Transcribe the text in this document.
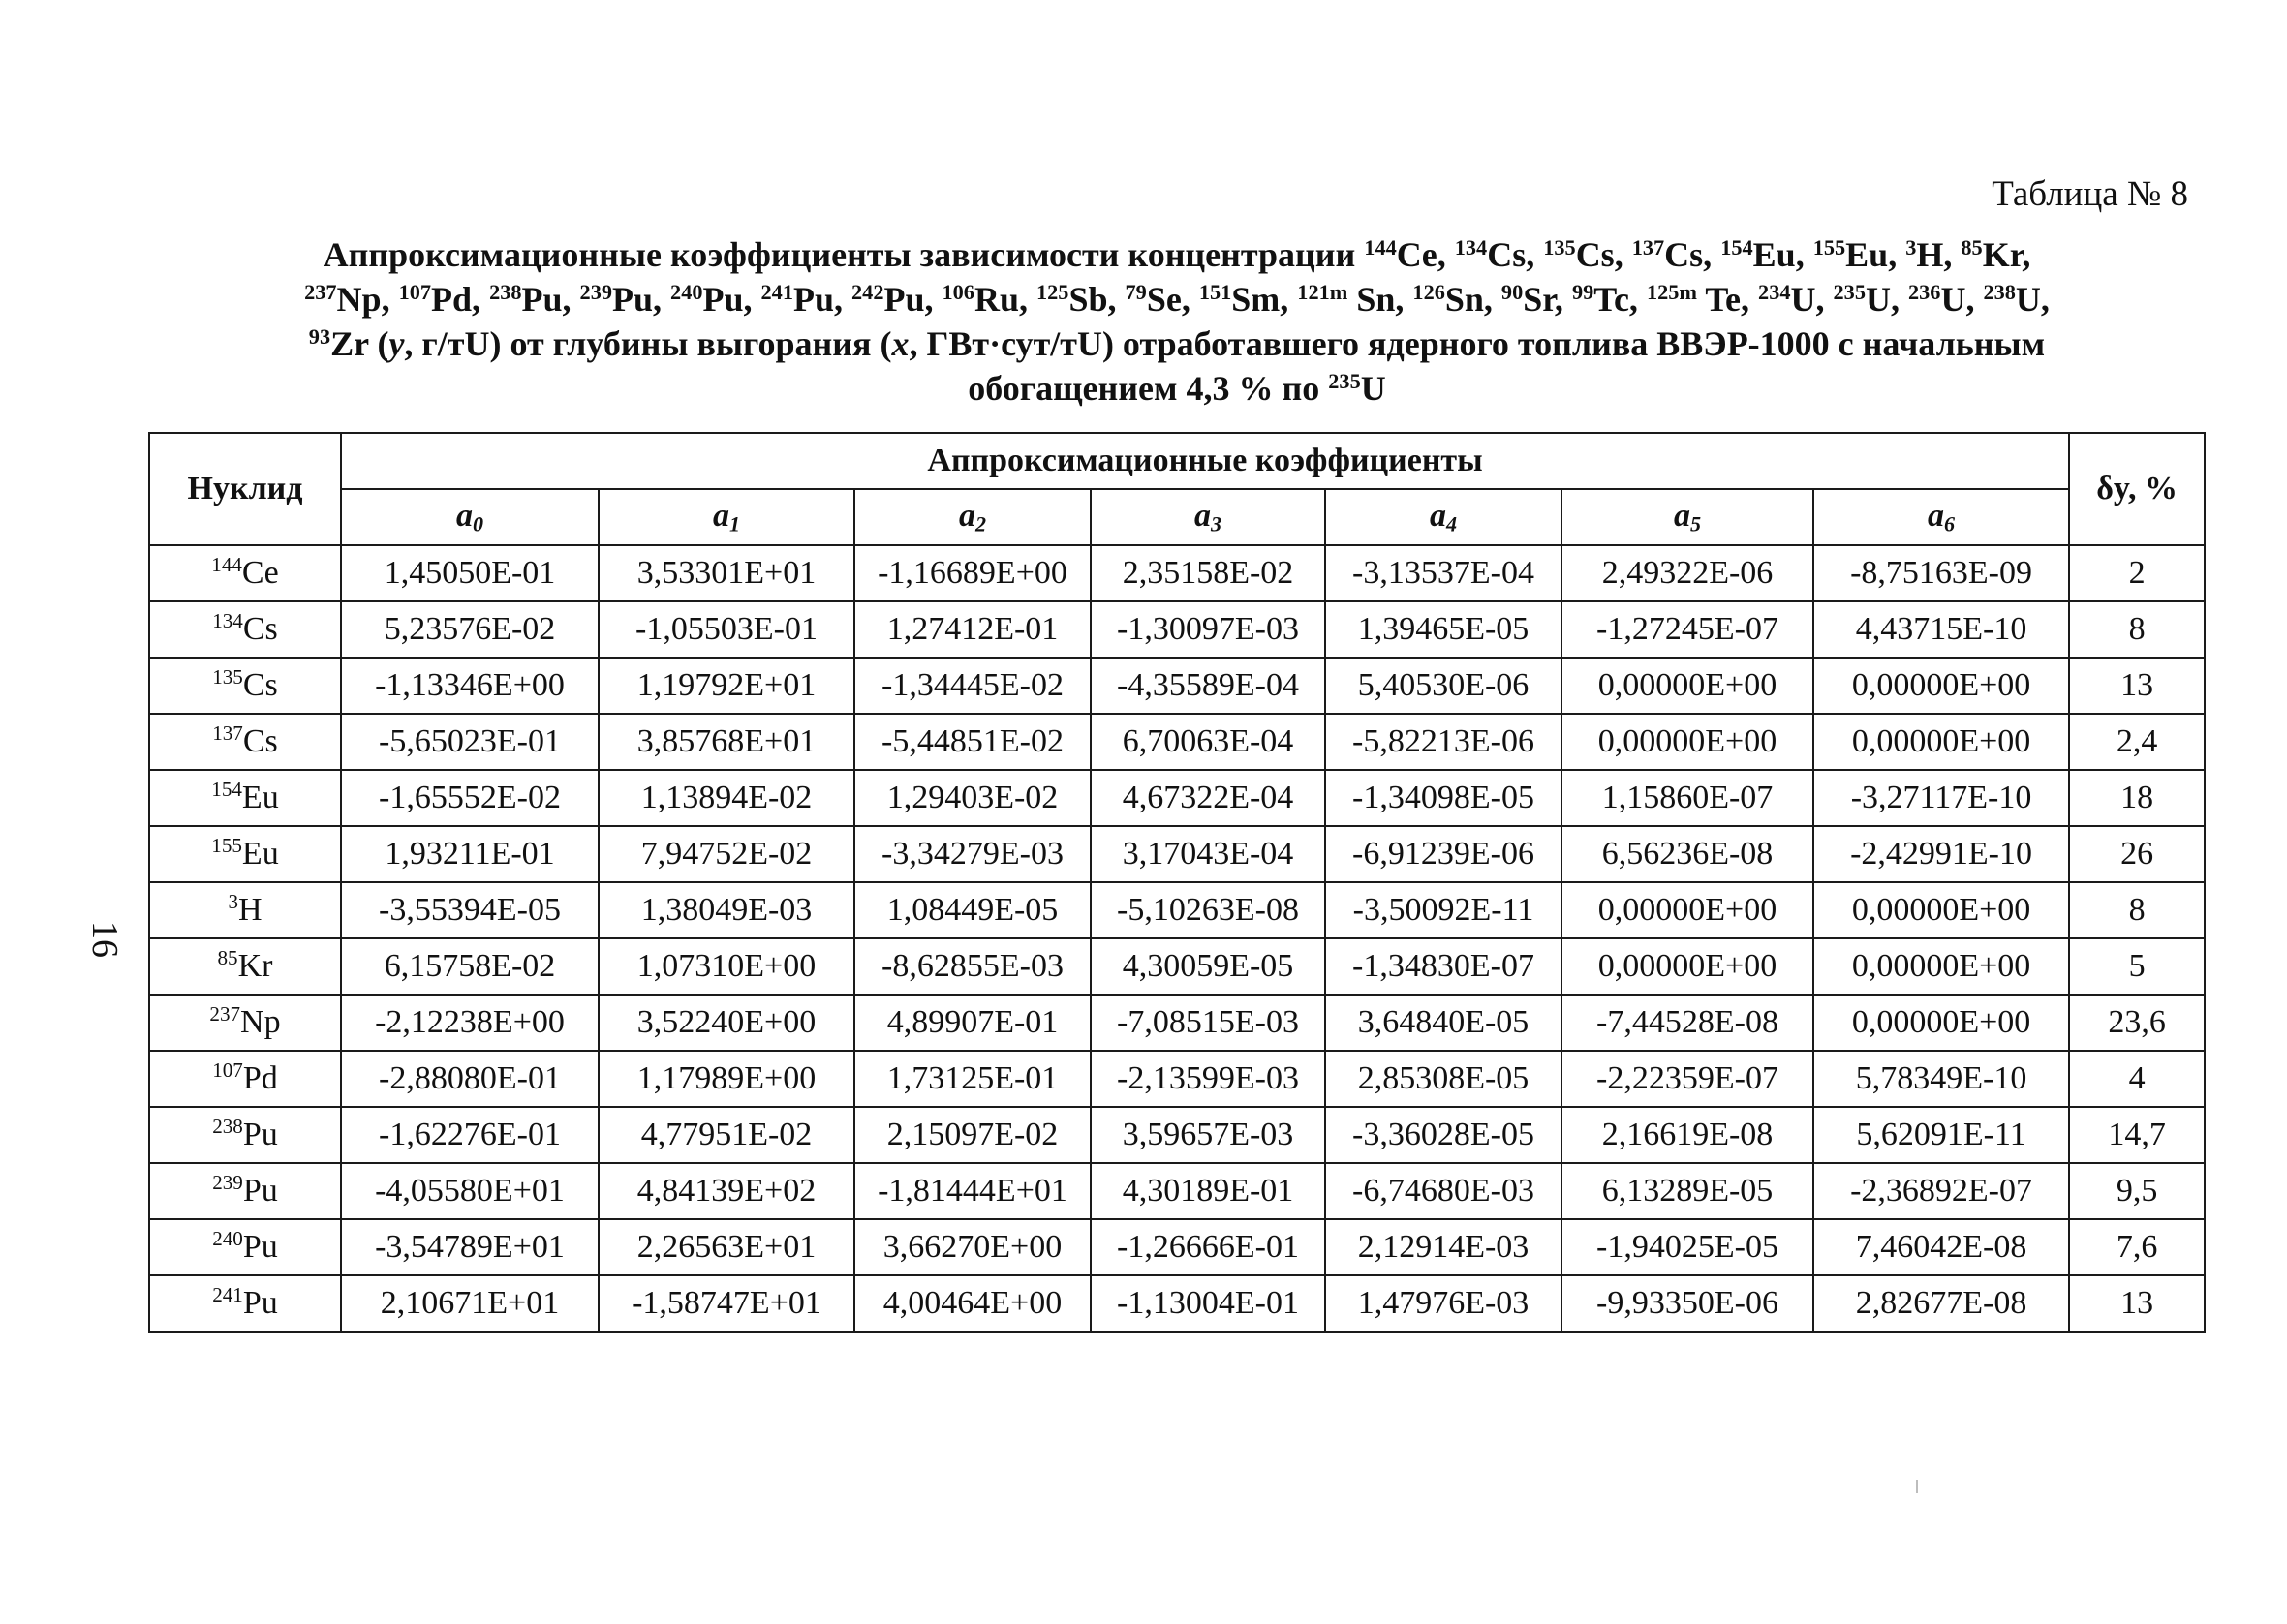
Таблица № 8
Аппроксимационные коэффициенты зависимости концентрации $^{144}$Ce, $^{134}$Cs, $^{135}$Cs, $^{137}$Cs, $^{154}$Eu, $^{155}$Eu, $^3$H, $^{85}$Kr,
$^{237}$Np, $^{107}$Pd, $^{238}$Pu, $^{239}$Pu, $^{240}$Pu, $^{241}$Pu, $^{242}$Pu, $^{106}$Ru, $^{125}$Sb, $^{79}$Se, $^{151}$Sm, $^{121m}$ Sn, $^{126}$Sn, $^{90}$Sr, $^{99}$Tc, $^{125m}$ Te, $^{234}$U, $^{235}$U, $^{236}$U, $^{238}$U,
$^{93}$Zr (y, г/тU) от глубины выгорания (x, ГВт·сут/тU) отработавшего ядерного топлива ВВЭР-1000 с начальным
обогащением 4,3 % по $^{235}$U
16
Нуклид	Аппроксимационные коэффициенты							δy, %
	$a_0$	$a_1$	$a_2$	$a_3$	$a_4$	$a_5$	$a_6$
$^{144}$Ce	1,45050E-01	3,53301E+01	-1,16689E+00	2,35158E-02	-3,13537E-04	2,49322E-06	-8,75163E-09	2
$^{134}$Cs	5,23576E-02	-1,05503E-01	1,27412E-01	-1,30097E-03	1,39465E-05	-1,27245E-07	4,43715E-10	8
$^{135}$Cs	-1,13346E+00	1,19792E+01	-1,34445E-02	-4,35589E-04	5,40530E-06	0,00000E+00	0,00000E+00	13
$^{137}$Cs	-5,65023E-01	3,85768E+01	-5,44851E-02	6,70063E-04	-5,82213E-06	0,00000E+00	0,00000E+00	2,4
$^{154}$Eu	-1,65552E-02	1,13894E-02	1,29403E-02	4,67322E-04	-1,34098E-05	1,15860E-07	-3,27117E-10	18
$^{155}$Eu	1,93211E-01	7,94752E-02	-3,34279E-03	3,17043E-04	-6,91239E-06	6,56236E-08	-2,42991E-10	26
$^3$H	-3,55394E-05	1,38049E-03	1,08449E-05	-5,10263E-08	-3,50092E-11	0,00000E+00	0,00000E+00	8
$^{85}$Kr	6,15758E-02	1,07310E+00	-8,62855E-03	4,30059E-05	-1,34830E-07	0,00000E+00	0,00000E+00	5
$^{237}$Np	-2,12238E+00	3,52240E+00	4,89907E-01	-7,08515E-03	3,64840E-05	-7,44528E-08	0,00000E+00	23,6
$^{107}$Pd	-2,88080E-01	1,17989E+00	1,73125E-01	-2,13599E-03	2,85308E-05	-2,22359E-07	5,78349E-10	4
$^{238}$Pu	-1,62276E-01	4,77951E-02	2,15097E-02	3,59657E-03	-3,36028E-05	2,16619E-08	5,62091E-11	14,7
$^{239}$Pu	-4,05580E+01	4,84139E+02	-1,81444E+01	4,30189E-01	-6,74680E-03	6,13289E-05	-2,36892E-07	9,5
$^{240}$Pu	-3,54789E+01	2,26563E+01	3,66270E+00	-1,26666E-01	2,12914E-03	-1,94025E-05	7,46042E-08	7,6
$^{241}$Pu	2,10671E+01	-1,58747E+01	4,00464E+00	-1,13004E-01	1,47976E-03	-9,93350E-06	2,82677E-08	13
